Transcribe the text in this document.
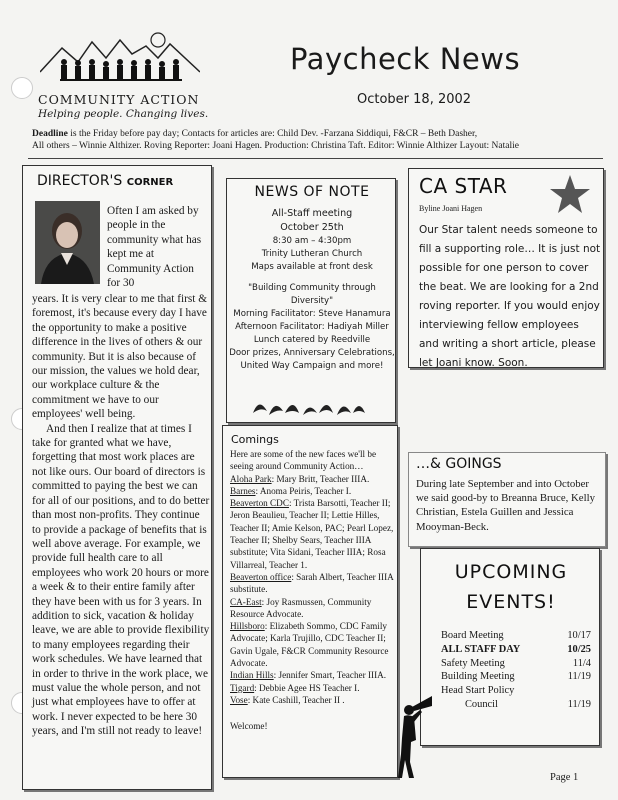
COMMUNITY ACTION
Helping people. Changing lives.
Paycheck News
October 18, 2002
Deadline is the Friday before pay day; Contacts for articles are: Child Dev. -Farzana Siddiqui, F&CR – Beth Dasher,
All others – Winnie Althizer. Roving Reporter: Joani Hagen. Production: Christina Taft. Editor: Winnie Althizer Layout: Natalie
DIRECTOR'S CORNER
Often I am asked by people in the community what has kept me at Community Action for 30

years. It is very clear to me that first & foremost, it's because every day I have the opportunity to make a positive difference in the lives of others & our community. But it is also because of our mission, the values we hold dear, our workplace culture & the commitment we have to our employees' well being.

And then I realize that at times I take for granted what we have, forgetting that most work places are not like ours. Our board of directors is committed to paying the best we can for all of our positions, and to do better than most non-profits. They continue to provide a package of benefits that is well above average. For example, we provide full health care to all employees who work 20 hours or more a week & to their entire family after they have been with us for 3 years. In addition to sick, vacation & holiday leave, we are able to provide flexibility to many employees regarding their work schedules. We have learned that in order to thrive in the work place, we must value the whole person, and not just what employees have to offer at work. I never expected to be here 30 years, and I'm still not ready to leave!

NEWS OF NOTE
All-Staff meeting
October 25th
8:30 am – 4:30pm
Trinity Lutheran Church
Maps available at front desk
"Building Community through Diversity"
Morning Facilitator: Steve Hanamura
Afternoon Facilitator: Hadiyah Miller
Lunch catered by Reedville
Door prizes, Anniversary Celebrations,
United Way Campaign and more!
Comings

Here are some of the new faces we'll be seeing around Community Action…

Aloha Park: Mary Britt, Teacher IIIA.

Barnes: Anoma Peiris, Teacher I.

Beaverton CDC: Trista Barsotti, Teacher II; Jeron Beaulieu, Teacher II; Lettie Hilles, Teacher II; Amie Kelson, PAC; Pearl Lopez, Teacher II; Shelby Sears, Teacher IIIA substitute; Vita Sidani, Teacher IIIA; Rosa Villarreal, Teacher 1.

Beaverton office: Sarah Albert, Teacher IIIA substitute.

CA-East: Joy Rasmussen, Community Resource Advocate.

Hillsboro: Elizabeth Sommo, CDC Family Advocate; Karla Trujillo, CDC Teacher II; Gavin Ugale, F&CR Community Resource Advocate.

Indian Hills: Jennifer Smart, Teacher IIIA.

Tigard: Debbie Agee HS Teacher I.

Vose: Kate Cashill, Teacher II .

Welcome!

CA STAR
Byline Joani Hagen
Our Star talent needs someone to fill a supporting role… It is just not possible for one person to cover the beat. We are looking for a 2nd roving reporter. If you would enjoy interviewing fellow employees and writing a short article, please let Joani know. Soon.
…& GOINGS
During late September and into October we said good-by to Breanna Bruce, Kelly Christian, Estela Guillen and Jessica Mooyman-Beck.
UPCOMING
EVENTS!
Board Meeting	10/17
ALL STAFF DAY	10/25
Safety Meeting	11/4
Building Meeting	11/19
Head Start Policy
Council	11/19
Page 1
